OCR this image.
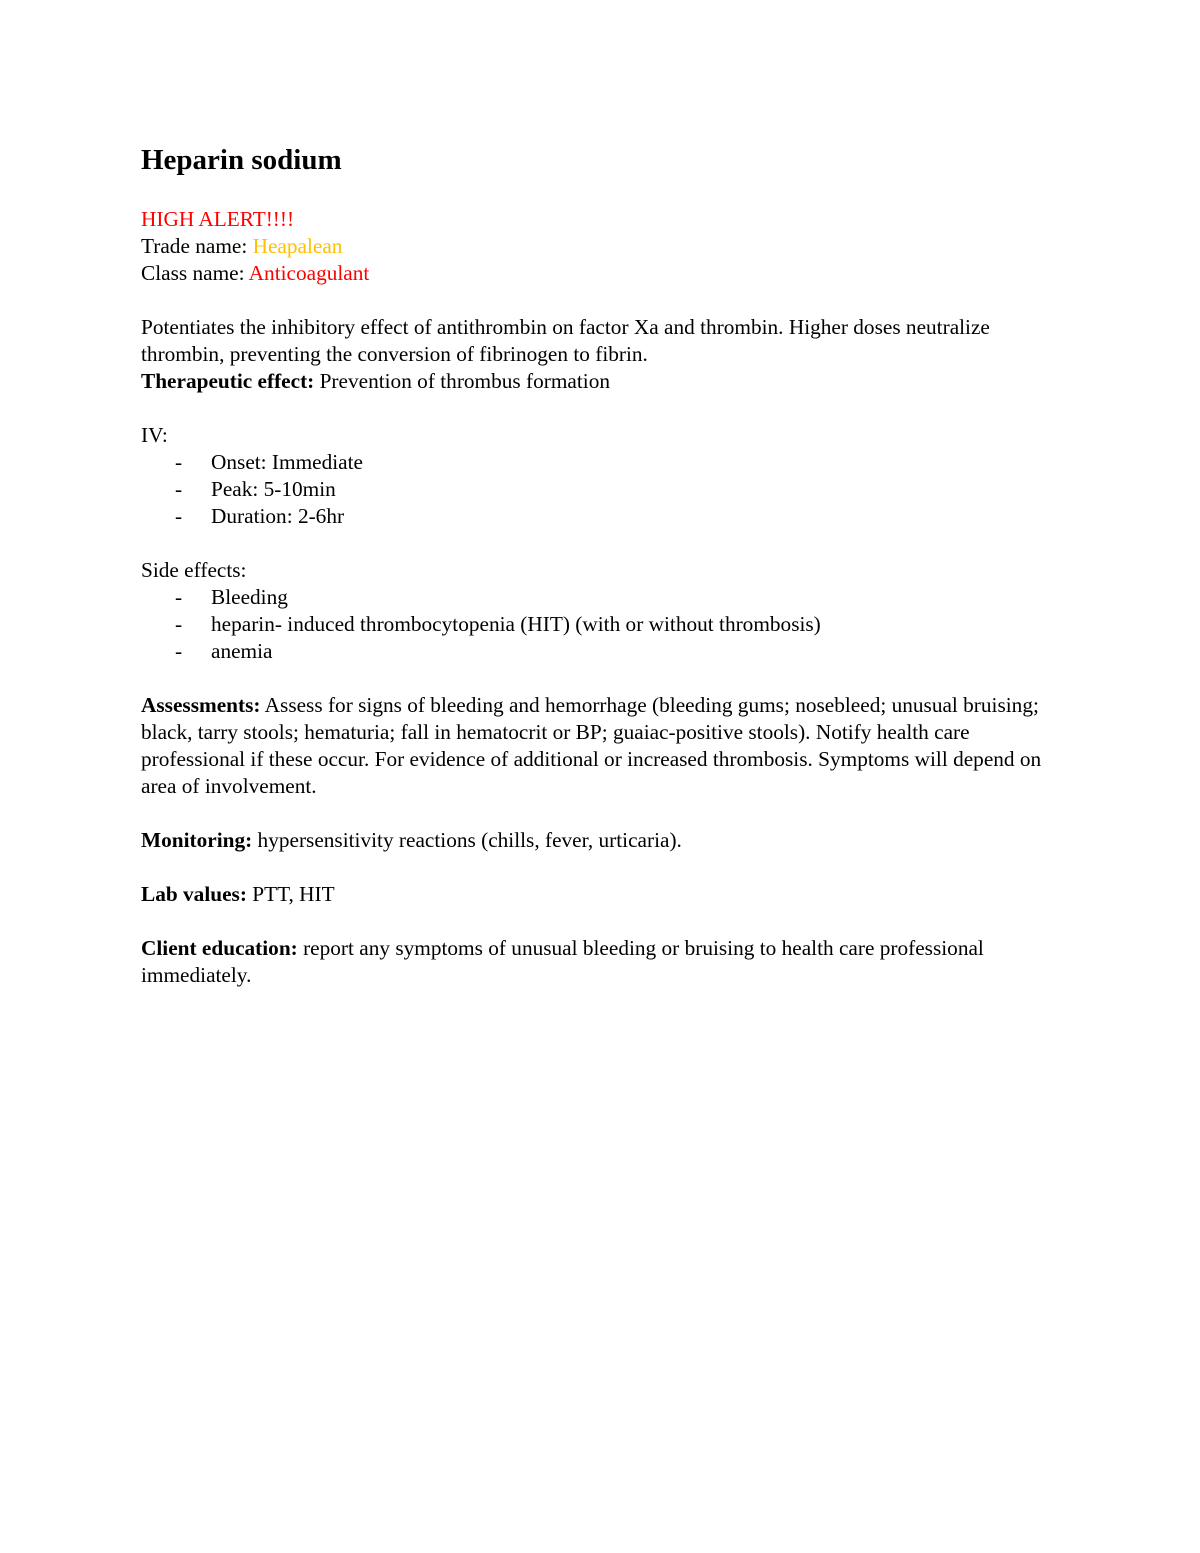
Heparin sodium

HIGH ALERT!!!!

Trade name: Heapalean

Class name: Anticoagulant

Potentiates the inhibitory effect of antithrombin on factor Xa and thrombin. Higher doses neutralize thrombin, preventing the conversion of fibrinogen to fibrin.

Therapeutic effect: Prevention of thrombus formation

IV:

- Onset: Immediate
- Peak: 5-10min
- Duration: 2-6hr

Side effects:

- Bleeding
- heparin- induced thrombocytopenia (HIT) (with or without thrombosis)
- anemia

Assessments: Assess for signs of bleeding and hemorrhage (bleeding gums; nosebleed; unusual bruising; black, tarry stools; hematuria; fall in hematocrit or BP; guaiac-positive stools). Notify health care professional if these occur. For evidence of additional or increased thrombosis. Symptoms will depend on area of involvement.

Monitoring: hypersensitivity reactions (chills, fever, urticaria).

Lab values: PTT, HIT

Client education: report any symptoms of unusual bleeding or bruising to health care professional immediately.
